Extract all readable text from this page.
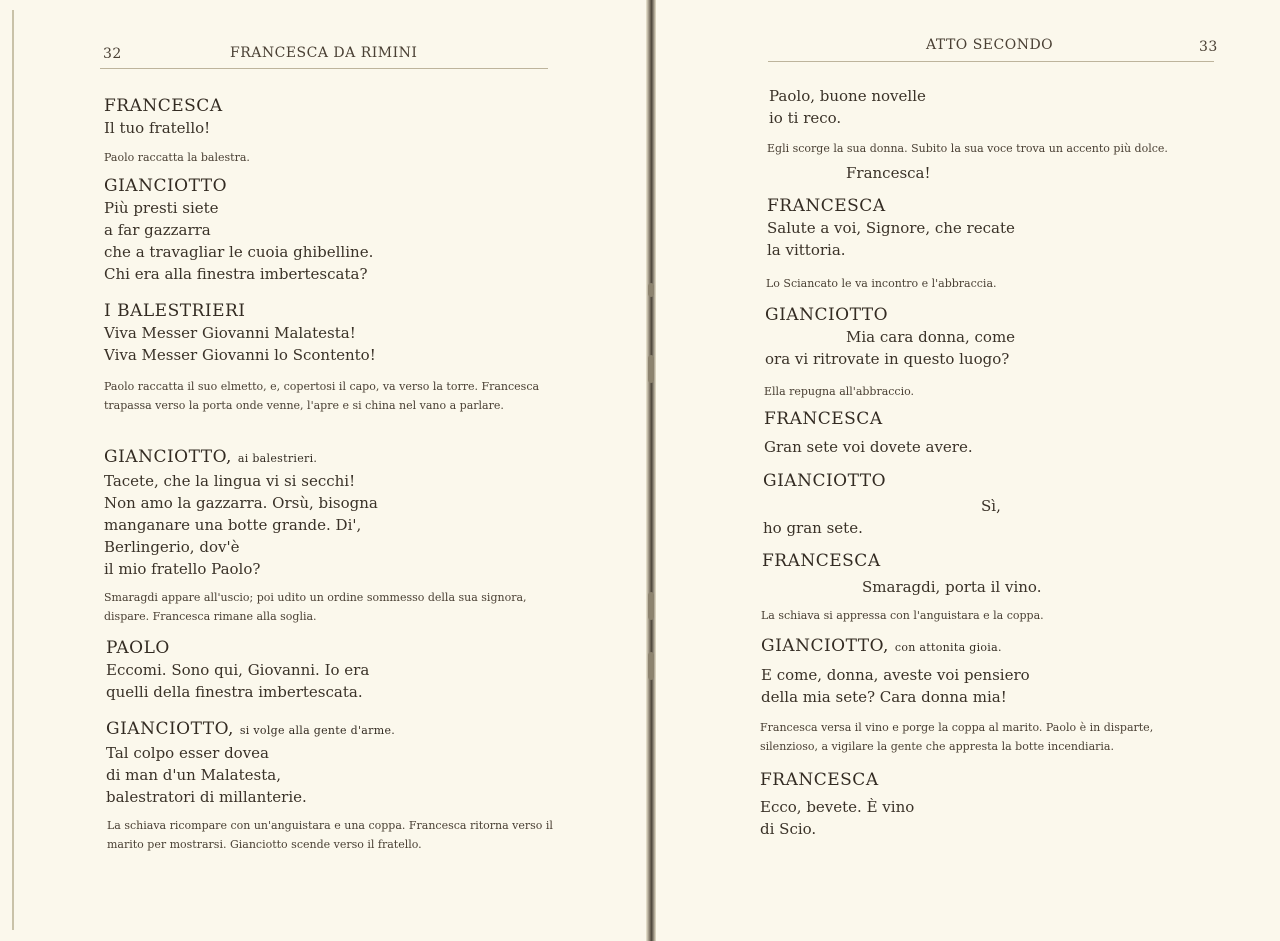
32	FRANCESCA DA RIMINI

FRANCESCA

Il tuo fratello!

Paolo raccatta la balestra.

GIANCIOTTO

Più presti siete

a far gazzarra

che a travagliar le cuoia ghibelline.

Chi era alla finestra imbertescata?

I BALESTRIERI

Viva Messer Giovanni Malatesta!

Viva Messer Giovanni lo Scontento!

Paolo raccatta il suo elmetto, e, copertosi il capo, va verso la torre. Francesca trapassa verso la porta onde venne, l'apre e si china nel vano a parlare.

GIANCIOTTO, ai balestrieri.

Tacete, che la lingua vi si secchi!

Non amo la gazzarra. Orsù, bisogna

manganare una botte grande. Di',

Berlingerio, dov'è

il mio fratello Paolo?

Smaragdi appare all'uscio; poi udito un ordine sommesso della sua signora, dispare. Francesca rimane alla soglia.

PAOLO

Eccomi. Sono qui, Giovanni. Io era

quelli della finestra imbertescata.

GIANCIOTTO, si volge alla gente d'arme.

Tal colpo esser dovea

di man d'un Malatesta,

balestratori di millanterie.

La schiava ricompare con un'anguistara e una coppa. Francesca ritorna verso il marito per mostrarsi. Gianciotto scende verso il fratello.

ATTO SECONDO	33

Paolo, buone novelle

io ti reco.

Egli scorge la sua donna. Subito la sua voce trova un accento più dolce.

Francesca!

FRANCESCA

Salute a voi, Signore, che recate

la vittoria.

Lo Sciancato le va incontro e l'abbraccia.

GIANCIOTTO

Mia cara donna, come

ora vi ritrovate in questo luogo?

Ella repugna all'abbraccio.

FRANCESCA

Gran sete voi dovete avere.

GIANCIOTTO

Sì,

ho gran sete.

FRANCESCA

Smaragdi, porta il vino.

La schiava si appressa con l'anguistara e la coppa.

GIANCIOTTO, con attonita gioia.

E come, donna, aveste voi pensiero

della mia sete? Cara donna mia!

Francesca versa il vino e porge la coppa al marito. Paolo è in disparte, silenzioso, a vigilare la gente che appresta la botte incendiaria.

FRANCESCA

Ecco, bevete. È vino

di Scio.
